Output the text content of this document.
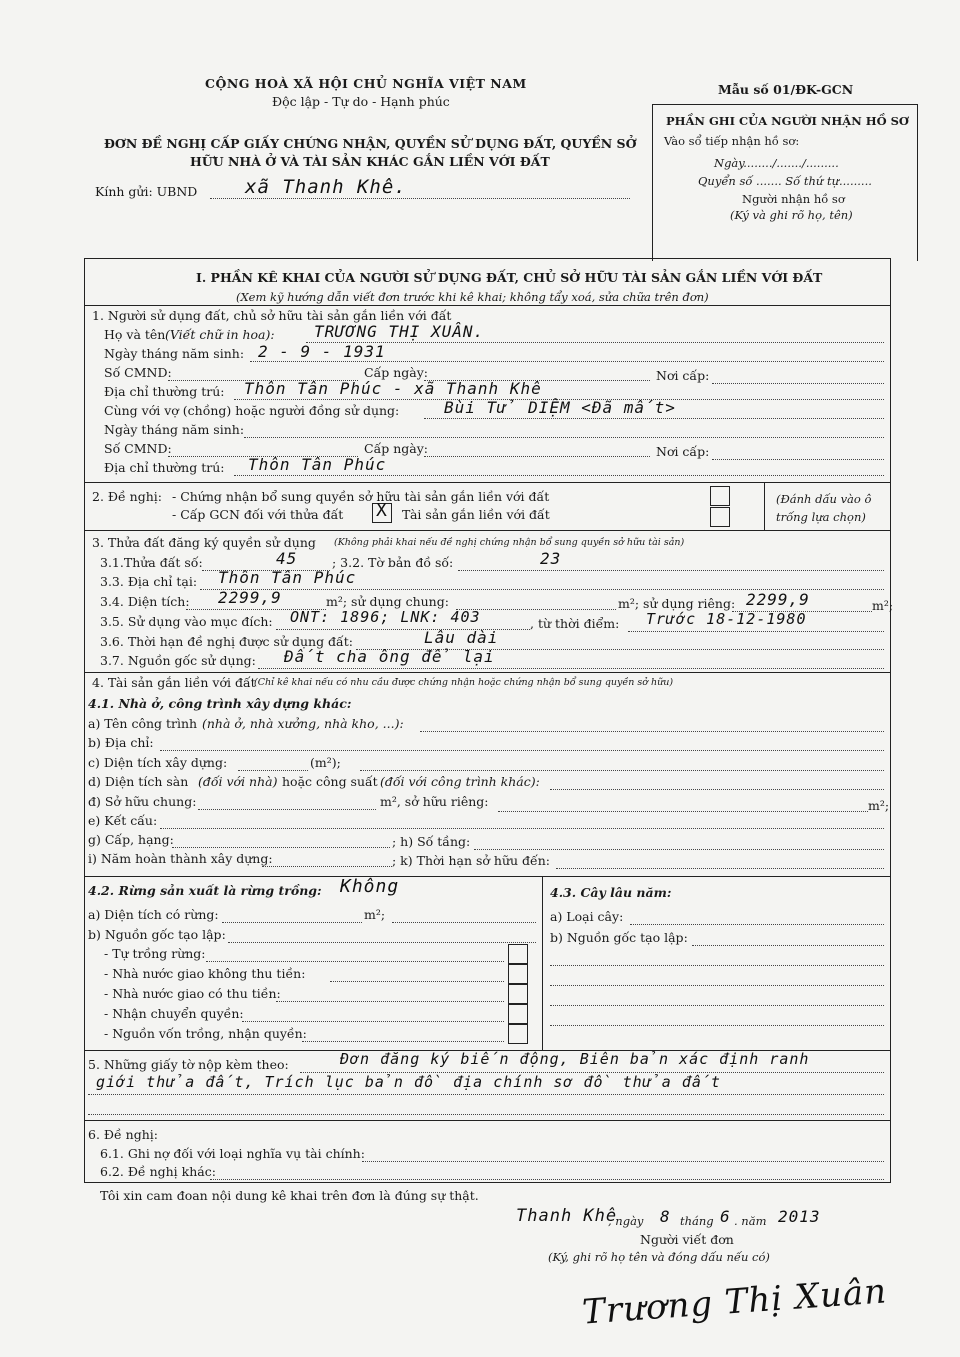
CỘNG HOÀ XÃ HỘI CHỦ NGHĨA VIỆT NAM
Độc lập - Tự do - Hạnh phúc
Mẫu số 01/ĐK-GCN
ĐƠN ĐỀ NGHỊ CẤP GIẤY CHỨNG NHẬN, QUYỀN SỬ DỤNG ĐẤT, QUYỀN SỞ
HỮU NHÀ Ở VÀ TÀI SẢN KHÁC GẮN LIỀN VỚI ĐẤT
Kính gửi: UBND	xã Thanh Khê.
PHẦN GHI CỦA NGƯỜI NHẬN HỒ SƠ
Vào sổ tiếp nhận hồ sơ:
Ngày......../......./.........
Quyển số ....... Số thứ tự.........
Người nhận hồ sơ
(Ký và ghi rõ họ, tên)
I. PHẦN KÊ KHAI CỦA NGƯỜI SỬ DỤNG ĐẤT, CHỦ SỞ HỮU TÀI SẢN GẮN LIỀN VỚI ĐẤT
(Xem kỹ hướng dẫn viết đơn trước khi kê khai; không tẩy xoá, sửa chữa trên đơn)
1. Người sử dụng đất, chủ sở hữu tài sản gắn liền với đất
Họ và tên (Viết chữ in hoa): TRƯƠNG THỊ XUÂN.
Ngày tháng năm sinh: 2 - 9 - 1931
Số CMND:	Cấp ngày:	Nơi cấp:
Địa chỉ thường trú: Thôn Tân Phúc - xã Thanh Khê
Cùng với vợ (chồng) hoặc người đồng sử dụng:	Bùi Tử DIỆM <Đã mất>
Ngày tháng năm sinh:
Số CMND:	Cấp ngày:	Nơi cấp:
Địa chỉ thường trú: Thôn Tân Phúc
2. Đề nghị: - Chứng nhận bổ sung quyền sở hữu tài sản gắn liền với đất
- Cấp GCN đối với thửa đất X Tài sản gắn liền với đất
(Đánh dấu vào ô
trống lựa chọn)
3. Thửa đất đăng ký quyền sử dụng (Không phải khai nếu đề nghị chứng nhận bổ sung quyền sở hữu tài sản)
3.1.Thửa đất số:	45	; 3.2. Tờ bản đồ số:	23
3.3. Địa chỉ tại: Thôn Tân Phúc
3.4. Diện tích: 2299,9	m²; sử dụng chung:	m²; sử dụng riêng: 2299,9	m²;
3.5. Sử dụng vào mục đích: ONT: 1896; LNK: 403	, từ thời điểm: Trước 18-12-1980
3.6. Thời hạn đề nghị được sử dụng đất:	Lâu dài
3.7. Nguồn gốc sử dụng: Đất cha ông để lại
4. Tài sản gắn liền với đất
(Chỉ kê khai nếu có nhu cầu được chứng nhận hoặc chứng nhận bổ sung quyền sở hữu)
4.1. Nhà ở, công trình xây dựng khác:
a) Tên công trình (nhà ở, nhà xưởng, nhà kho, ...):
b) Địa chỉ:
c) Diện tích xây dựng:	(m²);
d) Diện tích sàn (đối với nhà) hoặc công suất (đối với công trình khác):
đ) Sở hữu chung:	m², sở hữu riêng:	m²;
e) Kết cấu:
g) Cấp, hạng:	; h) Số tầng:
i) Năm hoàn thành xây dựng:	; k) Thời hạn sở hữu đến:
4.2. Rừng sản xuất là rừng trồng: Không
a) Diện tích có rừng:	m²;
b) Nguồn gốc tạo lập:
- Tự trồng rừng:
- Nhà nước giao không thu tiền:
- Nhà nước giao có thu tiền:
- Nhận chuyển quyền:
- Nguồn vốn trồng, nhận quyền:
4.3. Cây lâu năm:
a) Loại cây:
b) Nguồn gốc tạo lập:
5. Những giấy tờ nộp kèm theo:	Đơn đăng ký biến động, Biên bản xác định ranh
giới thửa đất, Trích lục bản đồ địa chính sơ đồ thửa đất
6. Đề nghị:
6.1. Ghi nợ đối với loại nghĩa vụ tài chính:
6.2. Đề nghị khác:
Tôi xin cam đoan nội dung kê khai trên đơn là đúng sự thật.
Thanh Khê
, ngày 8 tháng 6 . năm 2013
Người viết đơn
(Ký, ghi rõ họ tên và đóng dấu nếu có)
Trương Thị Xuân
